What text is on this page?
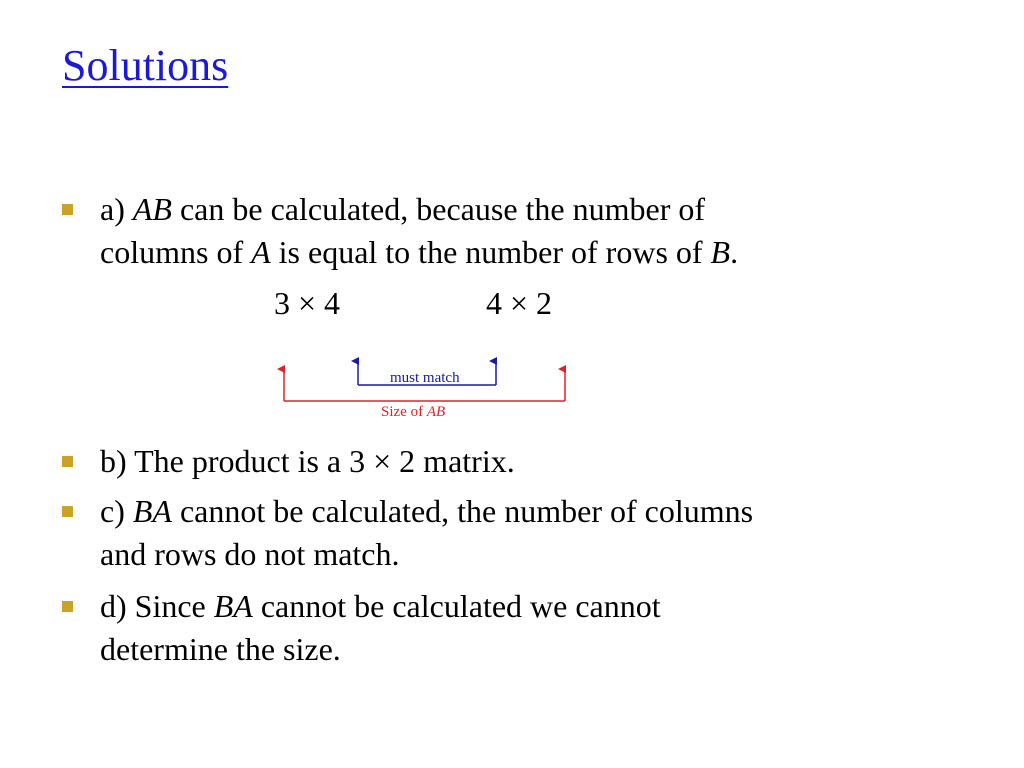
Solutions
a) AB can be calculated, because the number of
columns of A is equal to the number of rows of B.
3 × 4	4 × 2
must match
Size of AB
b) The product is a 3 × 2 matrix.
c) BA cannot be calculated, the number of columns
and rows do not match.
d) Since BA cannot be calculated we cannot
determine the size.
